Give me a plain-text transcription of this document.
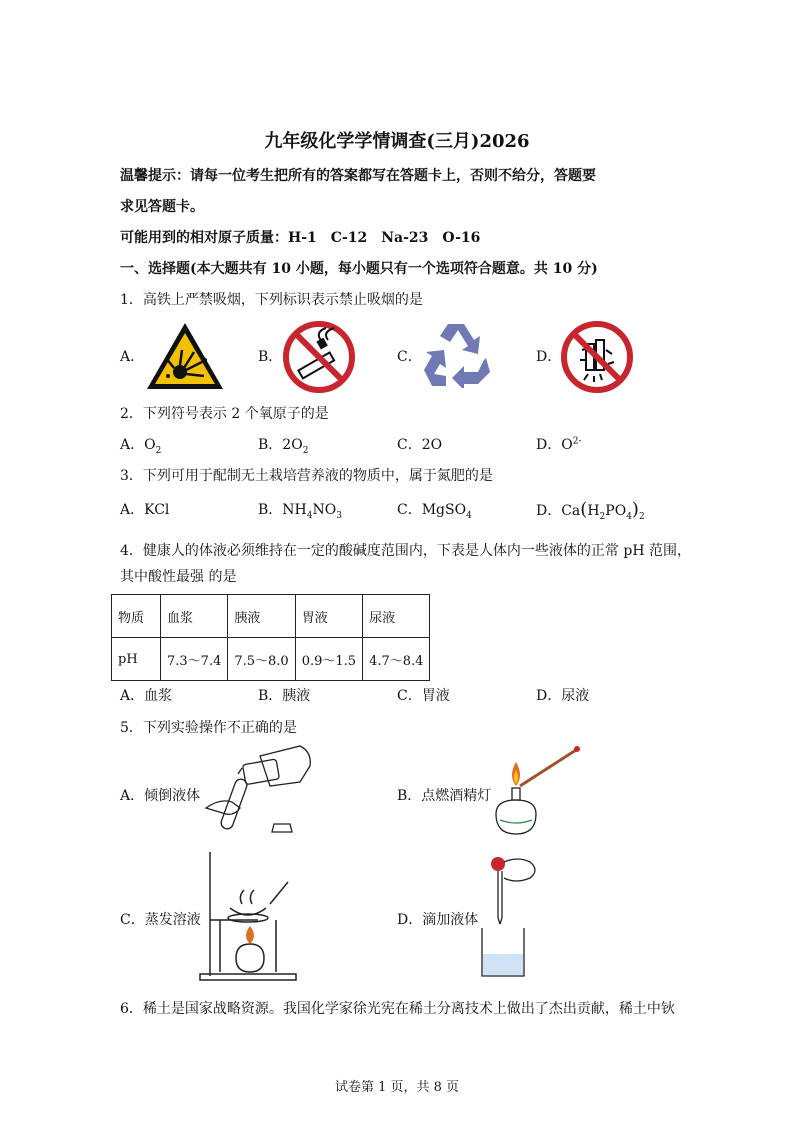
九年级化学学情调查(三月)2026
温馨提示：请每一位考生把所有的答案都写在答题卡上，否则不给分，答题要
求见答题卡。
可能用到的相对原子质量：H-1　C-12　Na-23　O-16
一、选择题(本大题共有 10 小题，每小题只有一个选项符合题意。共 10 分)
1．高铁上严禁吸烟，下列标识表示禁止吸烟的是
A．	B．	C．	D．
2．下列符号表示 2 个氧原子的是
A．$O_2$	B．$2O_2$	C．2O	D．$O^{2-}$
3．下列可用于配制无土栽培营养液的物质中，属于氮肥的是
A．KCl	B．$NH_4NO_3$	C．MgSO$_4$	D．$Ca(H_2PO_4)_2$
4．健康人的体液必须维持在一定的酸碱度范围内，下表是人体内一些液体的正常 pH 范围，
其中酸性最强 的是
物质	血浆	胰液	胃液	尿液
pH	7.3～7.4	7.5～8.0	0.9～1.5	4.7～8.4
A．血浆	B．胰液	C．胃液	D．尿液
5．下列实验操作不正确的是
A．倾倒液体	B．点燃酒精灯
C．蒸发溶液	D．滴加液体
6．稀土是国家战略资源。我国化学家徐光宪在稀土分离技术上做出了杰出贡献，稀土中钬
试卷第 1 页，共 8 页
